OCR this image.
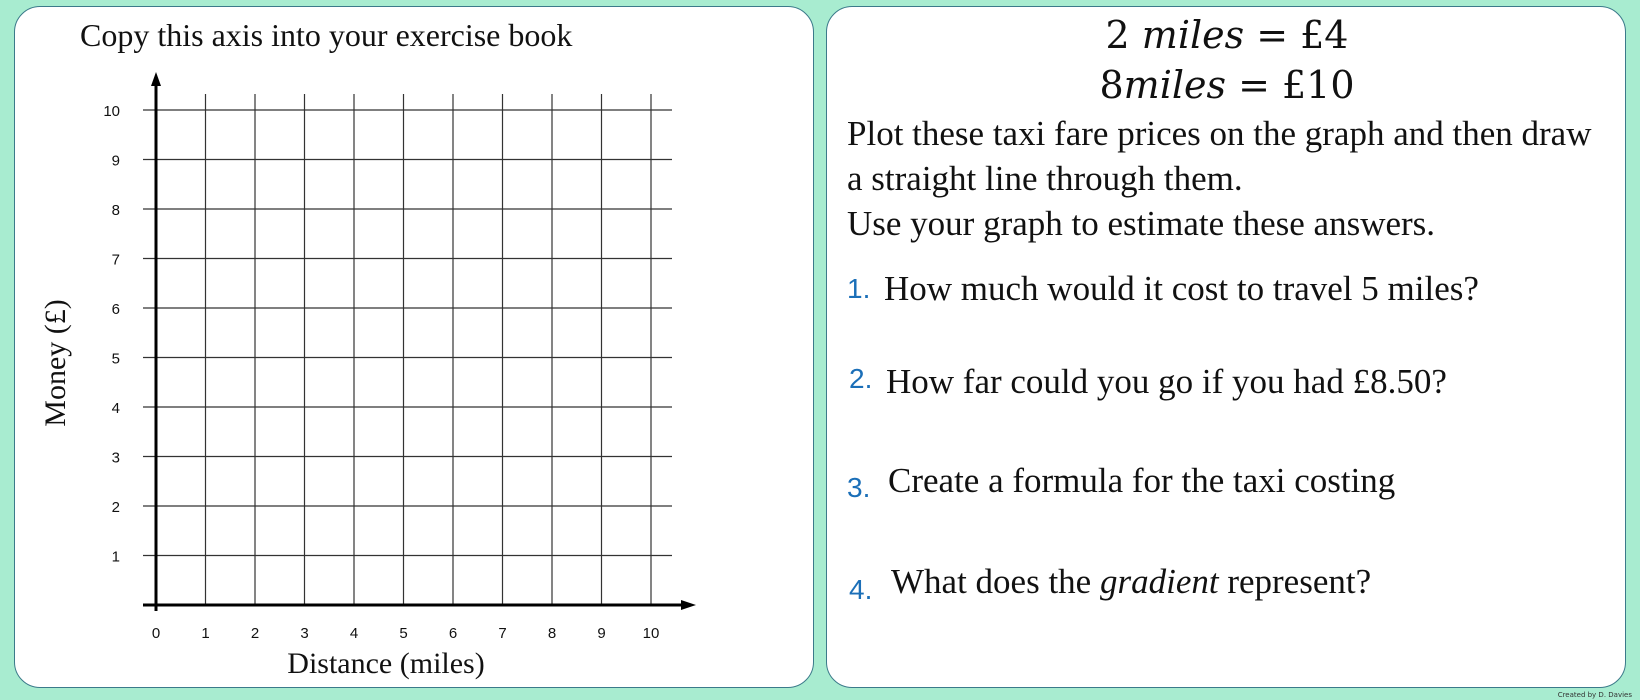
Copy this axis into your exercise book
0	1	2	3	4	5	6	7	8	9 10
1
2
3
4
5
6
7
8
9
10
Distance (miles)
Money (£)
2 miles = £4
8miles = £10
Plot these taxi fare prices on the graph and then draw a straight line through them.
Use your graph to estimate these answers.
1. How much would it cost to travel 5 miles?
2. How far could you go if you had £8.50?
3. Create a formula for the taxi costing
4. What does the gradient represent?
Created by D. Davies
